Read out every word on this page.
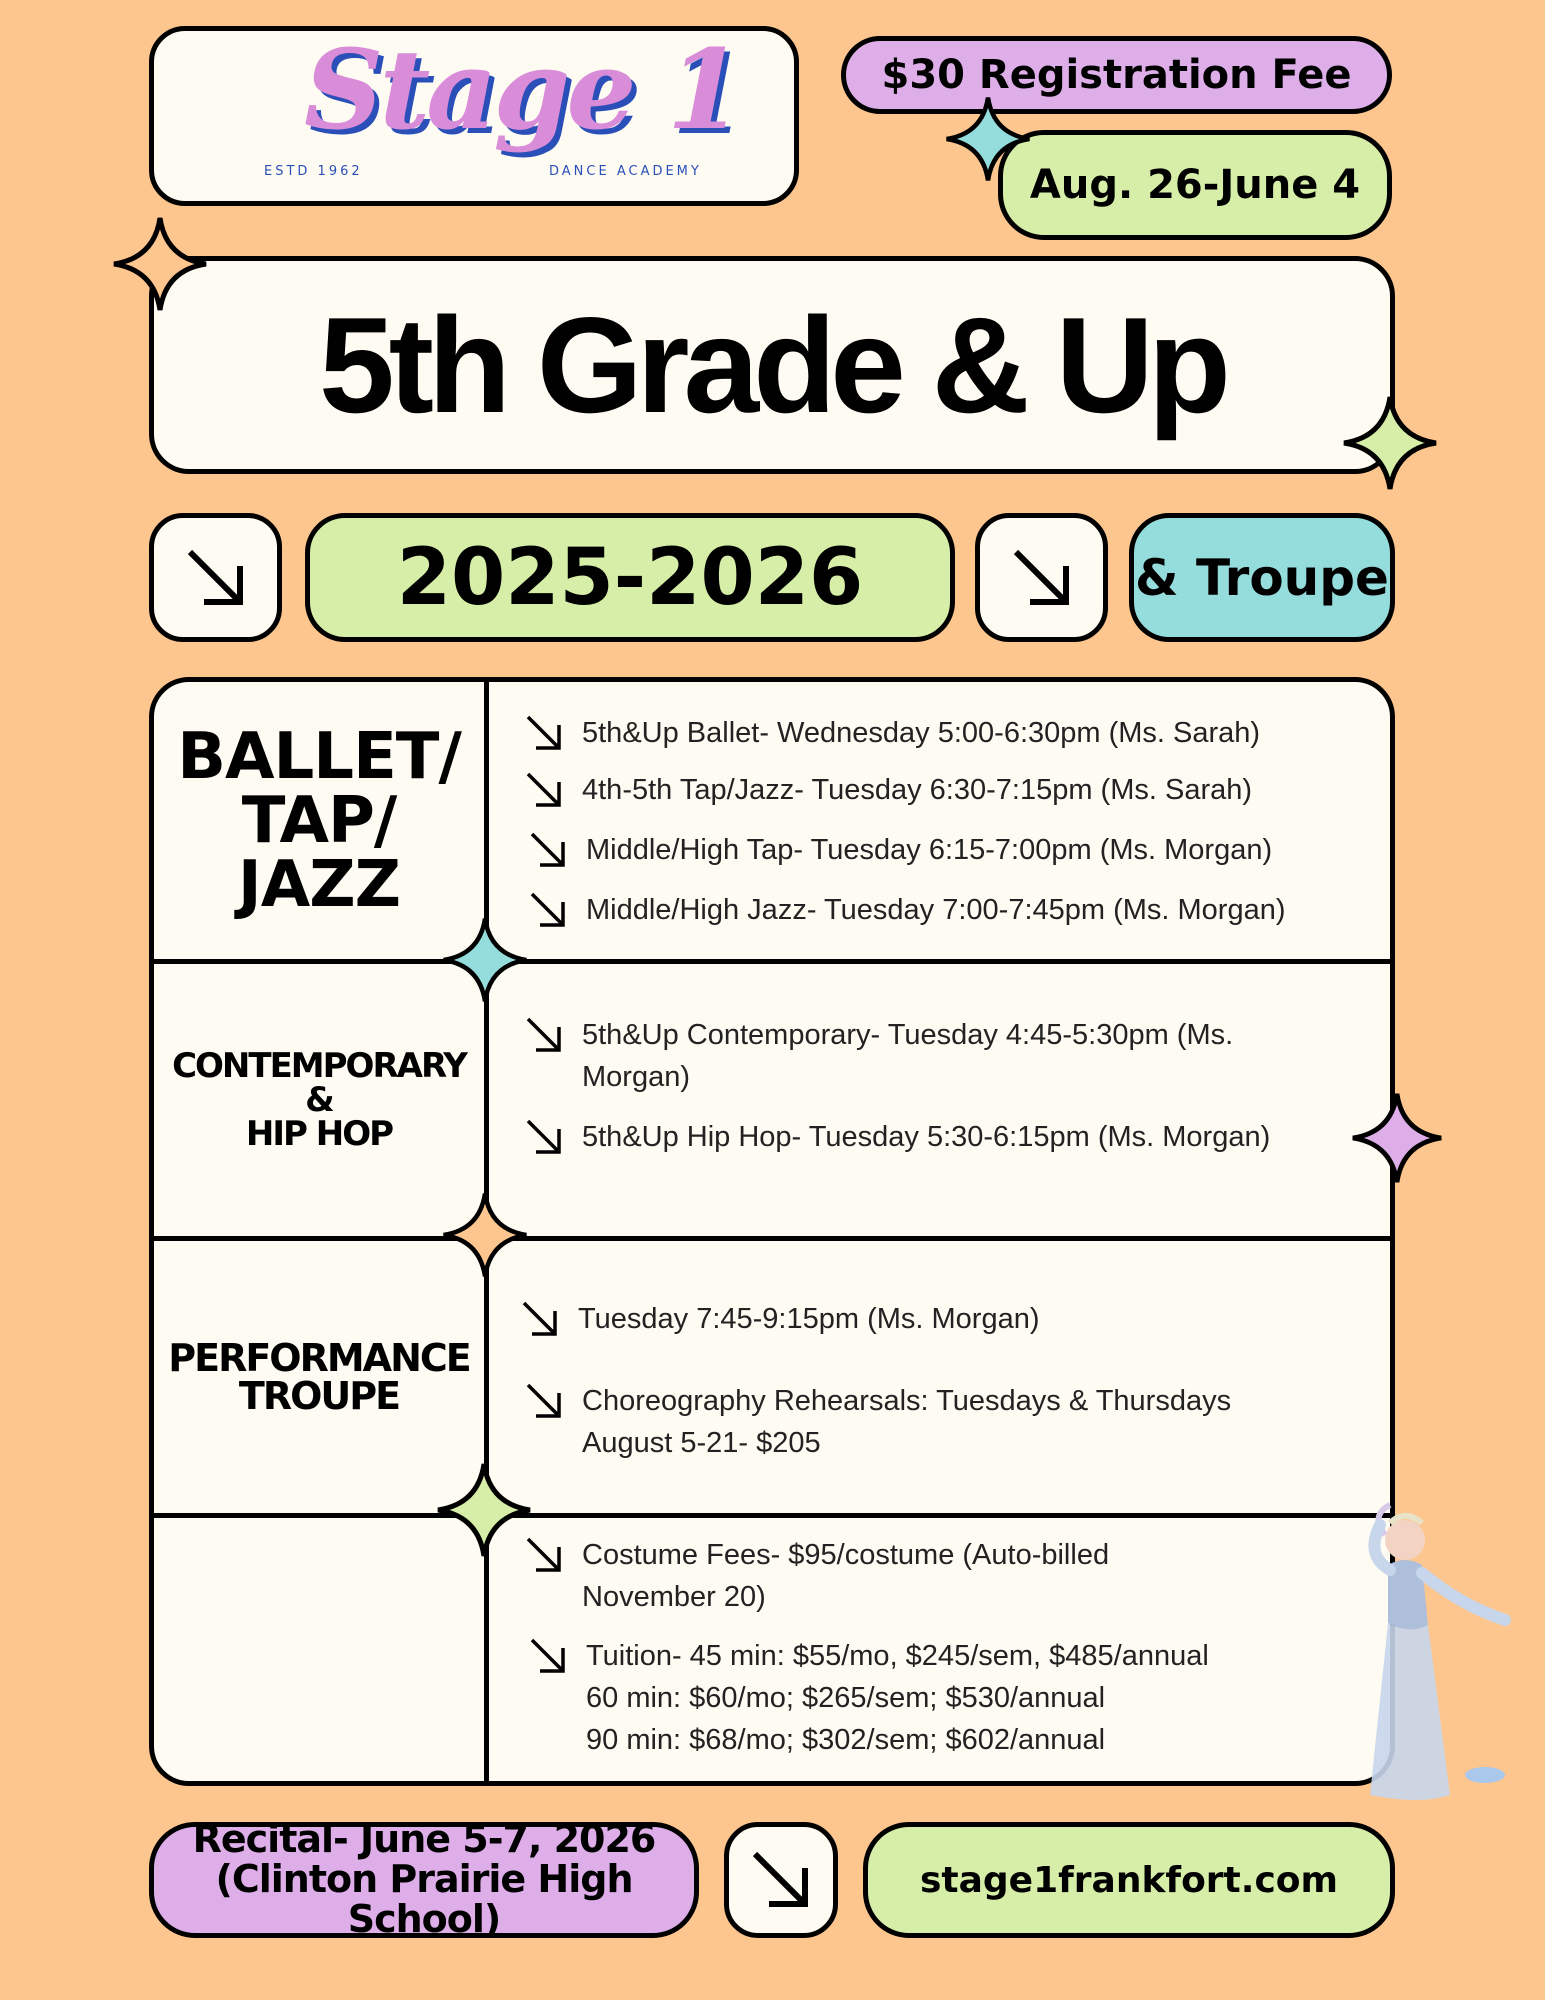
Stage 1
ESTD 1962	DANCE ACADEMY
$30 Registration Fee
Aug. 26-June 4
5th Grade & Up
2025-2026	& Troupe
BALLET/
TAP/
JAZZ
CONTEMPORARY
&
HIP HOP
PERFORMANCE
TROUPE
5th&Up Ballet- Wednesday 5:00-6:30pm (Ms. Sarah)
4th-5th Tap/Jazz- Tuesday 6:30-7:15pm (Ms. Sarah)
Middle/High Tap- Tuesday 6:15-7:00pm (Ms. Morgan)
Middle/High Jazz- Tuesday 7:00-7:45pm (Ms. Morgan)
5th&Up Contemporary- Tuesday 4:45-5:30pm (Ms.
Morgan)
5th&Up Hip Hop- Tuesday 5:30-6:15pm (Ms. Morgan)
Tuesday 7:45-9:15pm (Ms. Morgan)
Choreography Rehearsals: Tuesdays & Thursdays
August 5-21- $205
Costume Fees- $95/costume (Auto-billed
November 20)
Tuition- 45 min: $55/mo, $245/sem, $485/annual
60 min: $60/mo; $265/sem; $530/annual
90 min: $68/mo; $302/sem; $602/annual
Recital- June 5-7, 2026
(Clinton Prairie High School)
stage1frankfort.com
